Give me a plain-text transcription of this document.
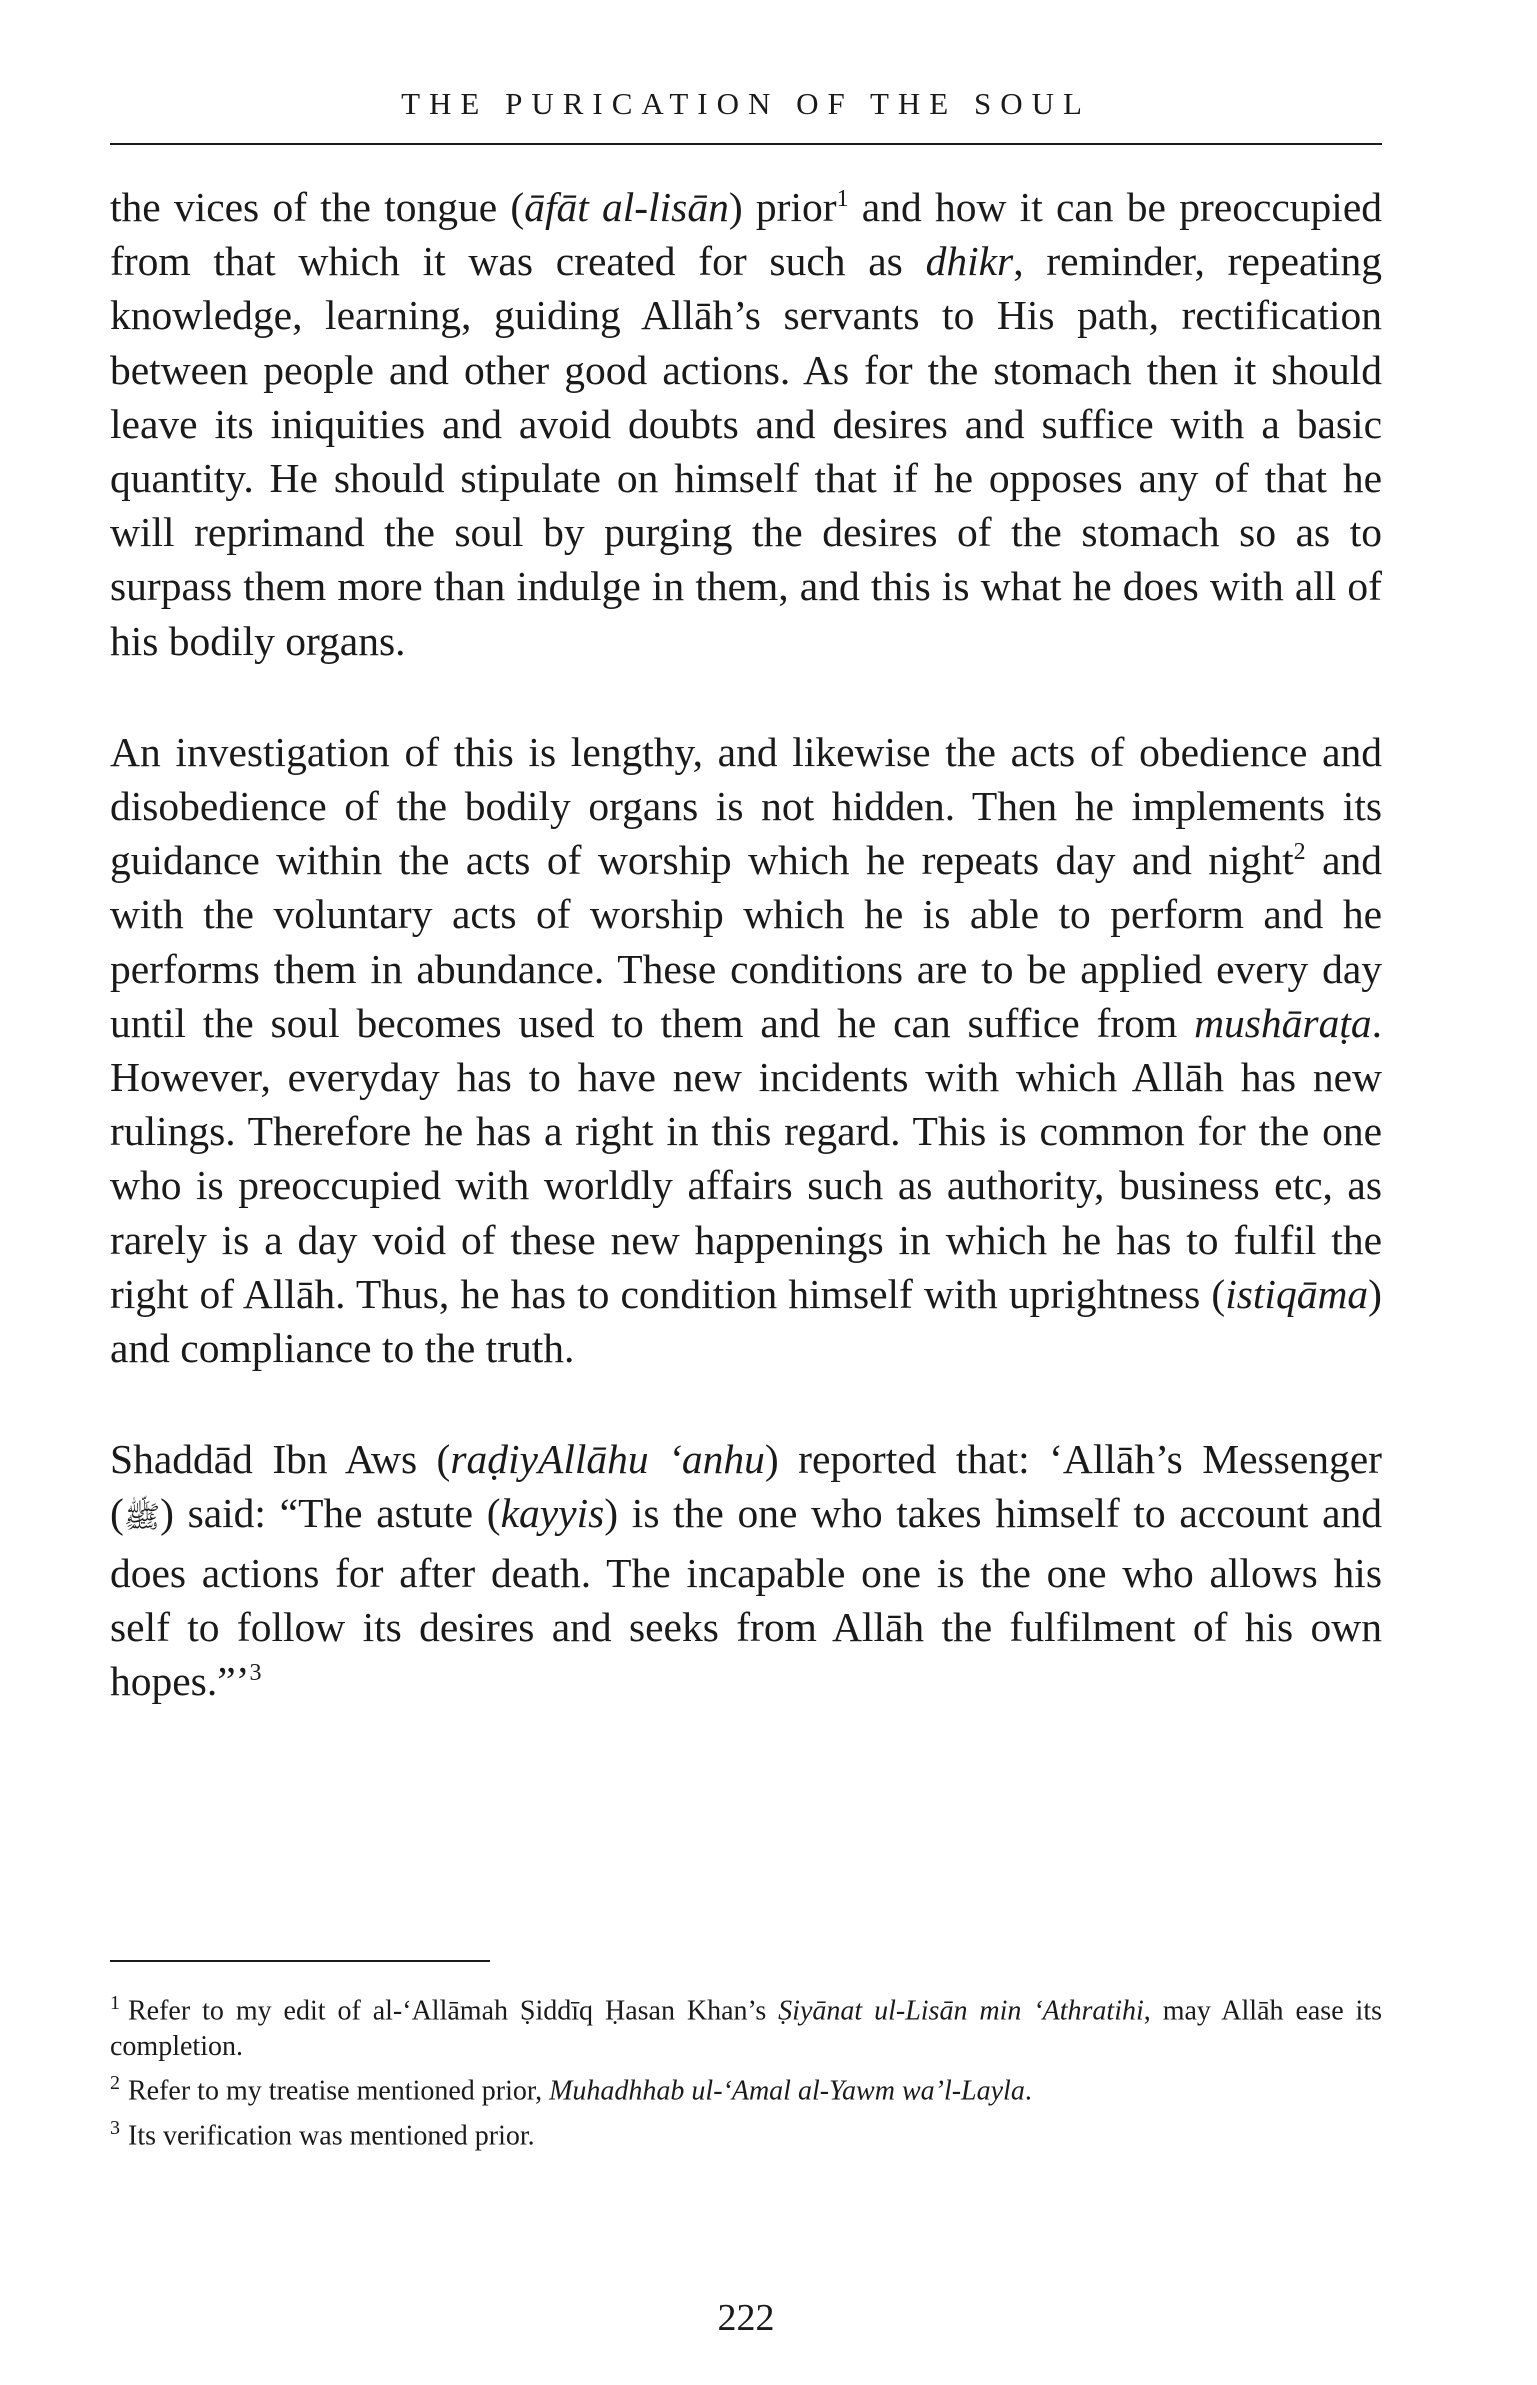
THE PURICATION OF THE SOUL

the vices of the tongue (āfāt al-lisān) prior$^1$ and how it can be preoccupied from that which it was created for such as dhikr, reminder, repeating knowledge, learning, guiding Allāh’s servants to His path, rectification between people and other good actions. As for the stomach then it should leave its iniquities and avoid doubts and desires and suffice with a basic quantity. He should stipulate on himself that if he opposes any of that he will reprimand the soul by purging the desires of the stomach so as to surpass them more than indulge in them, and this is what he does with all of his bodily organs.

An investigation of this is lengthy, and likewise the acts of obedience and disobedience of the bodily organs is not hidden. Then he implements its guidance within the acts of worship which he repeats day and night$^2$ and with the voluntary acts of worship which he is able to perform and he performs them in abundance. These conditions are to be applied every day until the soul becomes used to them and he can suffice from mushāraṭa. However, everyday has to have new incidents with which Allāh has new rulings. Therefore he has a right in this regard. This is common for the one who is preoccupied with worldly affairs such as authority, business etc, as rarely is a day void of these new happenings in which he has to fulfil the right of Allāh. Thus, he has to condition himself with uprightness (istiqāma) and compliance to the truth.

Shaddād Ibn Aws (raḍiyAllāhu ‘anhu) reported that: ‘Allāh’s Messenger (ﷺ) said: “The astute (kayyis) is the one who takes himself to account and does actions for after death. The incapable one is the one who allows his self to follow its desires and seeks from Allāh the fulfilment of his own hopes.”’$^3$

$^1$ Refer to my edit of al-‘Allāmah Ṣiddīq Ḥasan Khan’s Ṣiyānat ul-Lisān min ‘Athratihi, may Allāh ease its completion.

$^2$ Refer to my treatise mentioned prior, Muhadhhab ul-‘Amal al-Yawm wa’l-Layla.

$^3$ Its verification was mentioned prior.

222
